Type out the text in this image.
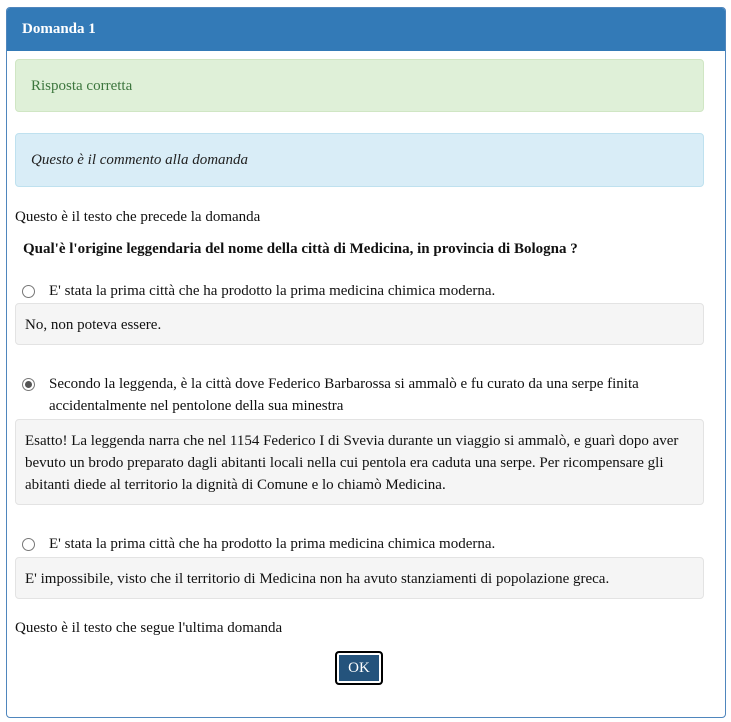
Domanda 1
Risposta corretta
Questo è il commento alla domanda
Questo è il testo che precede la domanda
Qual'è l'origine leggendaria del nome della città di Medicina, in provincia di Bologna ?
E' stata la prima città che ha prodotto la prima medicina chimica moderna.
No, non poteva essere.
Secondo la leggenda, è la città dove Federico Barbarossa si ammalò e fu curato da una serpe finita
accidentalmente nel pentolone della sua minestra
Esatto! La leggenda narra che nel 1154 Federico I di Svevia durante un viaggio si ammalò, e guarì dopo aver bevuto un brodo preparato dagli abitanti locali nella cui pentola era caduta una serpe. Per ricompensare gli abitanti diede al territorio la dignità di Comune e lo chiamò Medicina.
E' stata la prima città che ha prodotto la prima medicina chimica moderna.
E' impossibile, visto che il territorio di Medicina non ha avuto stanziamenti di popolazione greca.
Questo è il testo che segue l'ultima domanda
OK
